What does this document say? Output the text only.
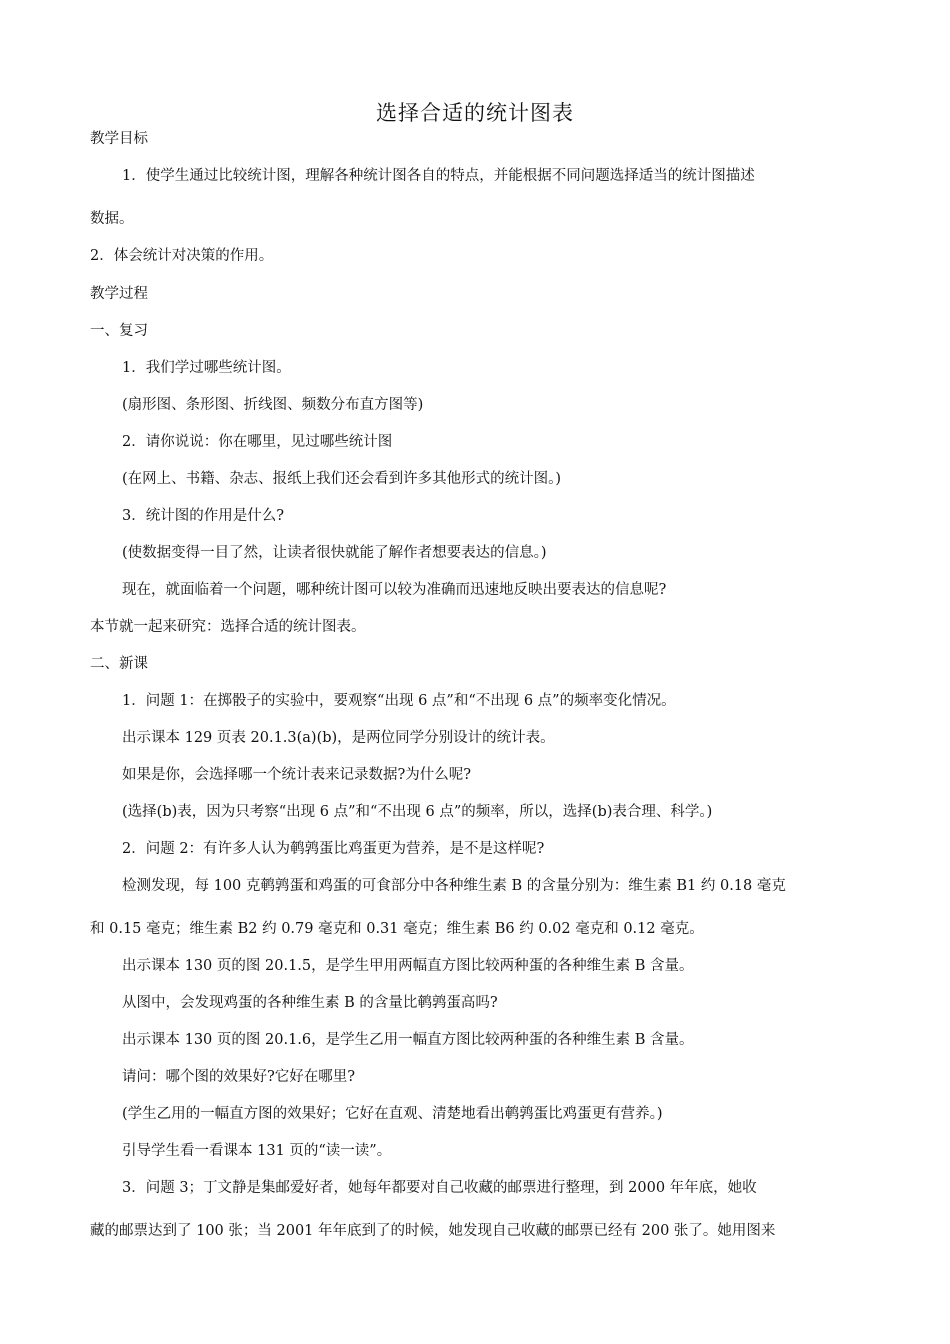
选择合适的统计图表
教学目标
1．使学生通过比较统计图，理解各种统计图各自的特点，并能根据不同问题选择适当的统计图描述
数据。
2．体会统计对决策的作用。
教学过程
一、复习
1．我们学过哪些统计图。
(扇形图、条形图、折线图、频数分布直方图等)
2．请你说说：你在哪里，见过哪些统计图
(在网上、书籍、杂志、报纸上我们还会看到许多其他形式的统计图。)
3．统计图的作用是什么?
(使数据变得一目了然，让读者很快就能了解作者想要表达的信息。)
现在，就面临着一个问题，哪种统计图可以较为准确而迅速地反映出要表达的信息呢?
本节就一起来研究：选择合适的统计图表。
二、新课
1．问题 1：在掷骰子的实验中，要观察“出现 6 点”和“不出现 6 点”的频率变化情况。
出示课本 129 页表 20.1.3(a)(b)，是两位同学分别设计的统计表。
如果是你，会选择哪一个统计表来记录数据?为什么呢?
(选择(b)表，因为只考察“出现 6 点”和“不出现 6 点”的频率，所以，选择(b)表合理、科学。)
2．问题 2：有许多人认为鹌鹑蛋比鸡蛋更为营养，是不是这样呢?
检测发现，每 100 克鹌鹑蛋和鸡蛋的可食部分中各种维生素 B 的含量分别为：维生素 B1 约 0.18 毫克
和 0.15 毫克；维生素 B2 约 0.79 毫克和 0.31 毫克；维生素 B6 约 0.02 毫克和 0.12 毫克。
出示课本 130 页的图 20.1.5，是学生甲用两幅直方图比较两种蛋的各种维生素 B 含量。
从图中，会发现鸡蛋的各种维生素 B 的含量比鹌鹑蛋高吗?
出示课本 130 页的图 20.1.6，是学生乙用一幅直方图比较两种蛋的各种维生素 B 含量。
请问：哪个图的效果好?它好在哪里?
(学生乙用的一幅直方图的效果好；它好在直观、清楚地看出鹌鹑蛋比鸡蛋更有营养。)
引导学生看一看课本 131 页的“读一读”。
3．问题 3；丁文静是集邮爱好者，她每年都要对自己收藏的邮票进行整理，到 2000 年年底，她收
藏的邮票达到了 100 张；当 2001 年年底到了的时候，她发现自己收藏的邮票已经有 200 张了。她用图来
